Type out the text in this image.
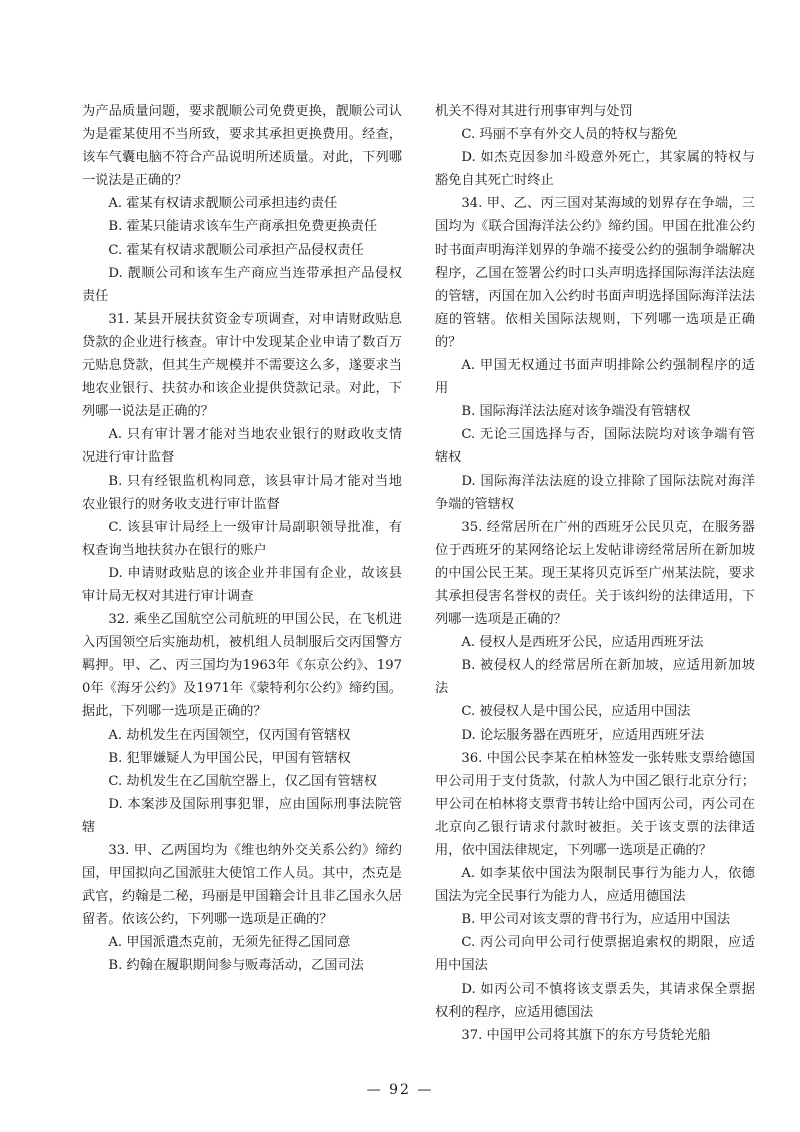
为产品质量问题，要求靓顺公司免费更换，靓顺公司认为是霍某使用不当所致，要求其承担更换费用。经查，该车气囊电脑不符合产品说明所述质量。对此，下列哪一说法是正确的？

A. 霍某有权请求靓顺公司承担违约责任

B. 霍某只能请求该车生产商承担免费更换责任

C. 霍某有权请求靓顺公司承担产品侵权责任

D. 靓顺公司和该车生产商应当连带承担产品侵权责任

31. 某县开展扶贫资金专项调查，对申请财政贴息贷款的企业进行核查。审计中发现某企业申请了数百万元贴息贷款，但其生产规模并不需要这么多，遂要求当地农业银行、扶贫办和该企业提供贷款记录。对此，下列哪一说法是正确的？

A. 只有审计署才能对当地农业银行的财政收支情况进行审计监督

B. 只有经银监机构同意，该县审计局才能对当地农业银行的财务收支进行审计监督

C. 该县审计局经上一级审计局副职领导批准，有权查询当地扶贫办在银行的账户

D. 申请财政贴息的该企业并非国有企业，故该县审计局无权对其进行审计调查

32. 乘坐乙国航空公司航班的甲国公民，在飞机进入丙国领空后实施劫机，被机组人员制服后交丙国警方羁押。甲、乙、丙三国均为1963年《东京公约》、1970年《海牙公约》及1971年《蒙特利尔公约》缔约国。据此，下列哪一选项是正确的？

A. 劫机发生在丙国领空，仅丙国有管辖权

B. 犯罪嫌疑人为甲国公民，甲国有管辖权

C. 劫机发生在乙国航空器上，仅乙国有管辖权

D. 本案涉及国际刑事犯罪，应由国际刑事法院管辖

33. 甲、乙两国均为《维也纳外交关系公约》缔约国，甲国拟向乙国派驻大使馆工作人员。其中，杰克是武官，约翰是二秘，玛丽是甲国籍会计且非乙国永久居留者。依该公约，下列哪一选项是正确的？

A. 甲国派遣杰克前，无须先征得乙国同意

B. 约翰在履职期间参与贩毒活动，乙国司法

机关不得对其进行刑事审判与处罚

C. 玛丽不享有外交人员的特权与豁免

D. 如杰克因参加斗殴意外死亡，其家属的特权与豁免自其死亡时终止

34. 甲、乙、丙三国对某海域的划界存在争端，三国均为《联合国海洋法公约》缔约国。甲国在批准公约时书面声明海洋划界的争端不接受公约的强制争端解决程序，乙国在签署公约时口头声明选择国际海洋法法庭的管辖，丙国在加入公约时书面声明选择国际海洋法法庭的管辖。依相关国际法规则，下列哪一选项是正确的？

A. 甲国无权通过书面声明排除公约强制程序的适用

B. 国际海洋法法庭对该争端没有管辖权

C. 无论三国选择与否，国际法院均对该争端有管辖权

D. 国际海洋法法庭的设立排除了国际法院对海洋争端的管辖权

35. 经常居所在广州的西班牙公民贝克，在服务器位于西班牙的某网络论坛上发帖诽谤经常居所在新加坡的中国公民王某。现王某将贝克诉至广州某法院，要求其承担侵害名誉权的责任。关于该纠纷的法律适用，下列哪一选项是正确的？

A. 侵权人是西班牙公民，应适用西班牙法

B. 被侵权人的经常居所在新加坡，应适用新加坡法

C. 被侵权人是中国公民，应适用中国法

D. 论坛服务器在西班牙，应适用西班牙法

36. 中国公民李某在柏林签发一张转账支票给德国甲公司用于支付货款，付款人为中国乙银行北京分行；甲公司在柏林将支票背书转让给中国丙公司，丙公司在北京向乙银行请求付款时被拒。关于该支票的法律适用，依中国法律规定，下列哪一选项是正确的？

A. 如李某依中国法为限制民事行为能力人，依德国法为完全民事行为能力人，应适用德国法

B. 甲公司对该支票的背书行为，应适用中国法

C. 丙公司向甲公司行使票据追索权的期限，应适用中国法

D. 如丙公司不慎将该支票丢失，其请求保全票据权利的程序，应适用德国法

37. 中国甲公司将其旗下的东方号货轮光船

— 92 —
